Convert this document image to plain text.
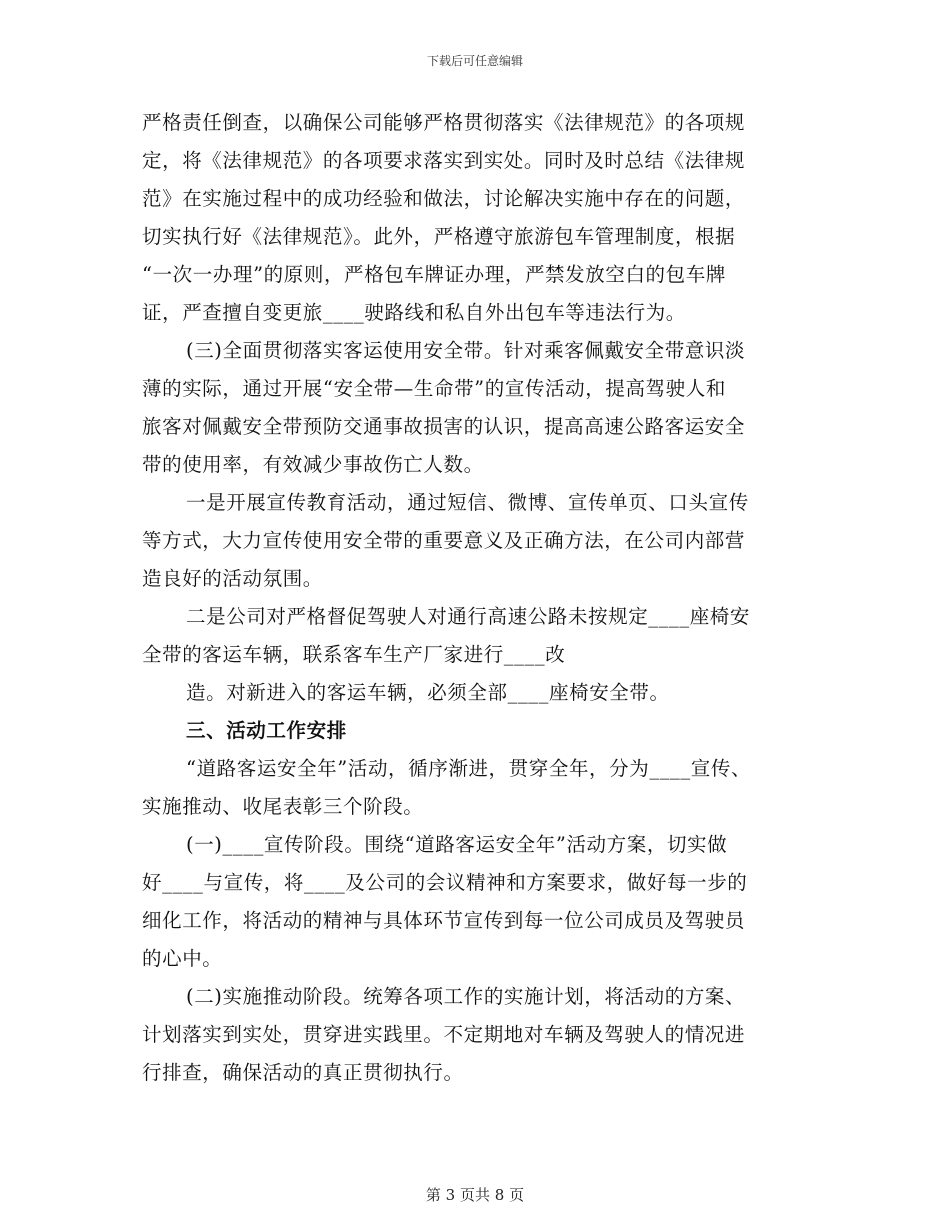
下载后可任意编辑
严格责任倒查，以确保公司能够严格贯彻落实《法律规范》的各项规
定，将《法律规范》的各项要求落实到实处。同时及时总结《法律规
范》在实施过程中的成功经验和做法，讨论解决实施中存在的问题，
切实执行好《法律规范》。此外，严格遵守旅游包车管理制度，根据
“一次一办理”的原则，严格包车牌证办理，严禁发放空白的包车牌
证，严查擅自变更旅____驶路线和私自外出包车等违法行为。
(三)全面贯彻落实客运使用安全带。针对乘客佩戴安全带意识淡
薄的实际，通过开展“安全带—生命带”的宣传活动，提高驾驶人和
旅客对佩戴安全带预防交通事故损害的认识，提高高速公路客运安全
带的使用率，有效减少事故伤亡人数。
一是开展宣传教育活动，通过短信、微博、宣传单页、口头宣传
等方式，大力宣传使用安全带的重要意义及正确方法，在公司内部营
造良好的活动氛围。
二是公司对严格督促驾驶人对通行高速公路未按规定____座椅安
全带的客运车辆，联系客车生产厂家进行____改
造。对新进入的客运车辆，必须全部____座椅安全带。
三、活动工作安排
“道路客运安全年”活动，循序渐进，贯穿全年，分为____宣传、
实施推动、收尾表彰三个阶段。
(一)____宣传阶段。围绕“道路客运安全年”活动方案，切实做
好____与宣传，将____及公司的会议精神和方案要求，做好每一步的
细化工作，将活动的精神与具体环节宣传到每一位公司成员及驾驶员
的心中。
(二)实施推动阶段。统筹各项工作的实施计划，将活动的方案、
计划落实到实处，贯穿进实践里。不定期地对车辆及驾驶人的情况进
行排查，确保活动的真正贯彻执行。
第 3 页共 8 页
